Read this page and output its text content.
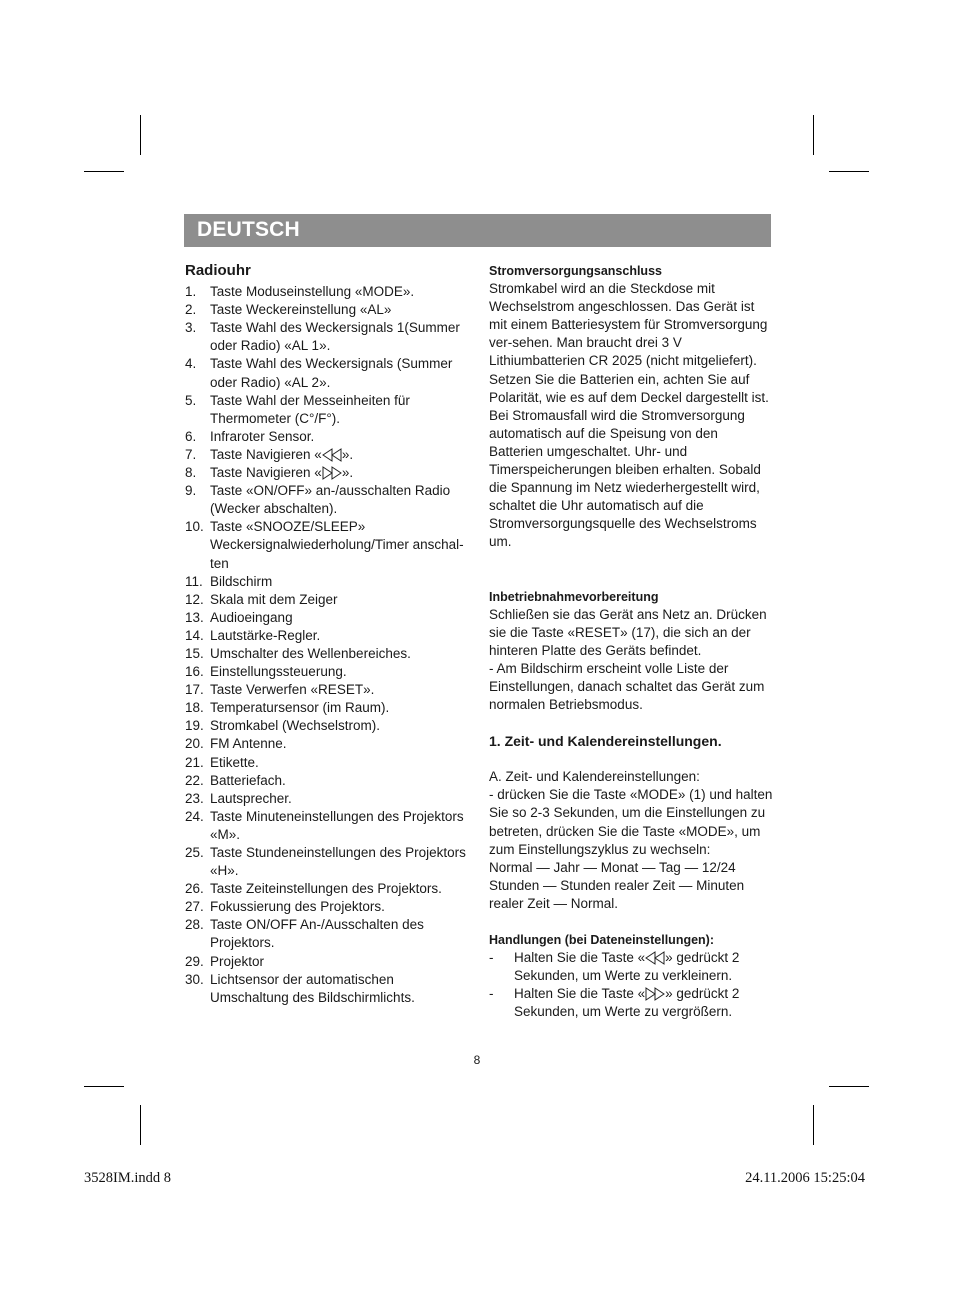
DEUTSCH
Radiouhr
1.	Taste Moduseinstellung «MODE».
2.	Taste Weckereinstellung «AL»
3.	Taste Wahl des Weckersignals 1(Summer oder Radio) «AL 1».
4.	Taste Wahl des Weckersignals (Summer oder Radio) «AL 2».
5.	Taste Wahl der Messeinheiten für Thermometer (C°/F°).
6.	Infraroter Sensor.
7.	Taste Navigieren « ».
8.	Taste Navigieren « ».
9.	Taste «ON/OFF» an-/ausschalten Radio (Wecker abschalten).
10. Taste «SNOOZE/SLEEP» Weckersignalwiederholung/Timer anschal-ten
11. Bildschirm
12. Skala mit dem Zeiger
13. Audioeingang
14. Lautstärke-Regler.
15. Umschalter des Wellenbereiches.
16. Einstellungssteuerung.
17. Taste Verwerfen «RESET».
18. Temperatursensor (im Raum).
19. Stromkabel (Wechselstrom).
20. FM Antenne.
21. Etikette.
22. Batteriefach.
23. Lautsprecher.
24. Taste Minuteneinstellungen des Projektors «M».
25. Taste Stundeneinstellungen des Projektors «H».
26. Taste Zeiteinstellungen des Projektors.
27. Fokussierung des Projektors.
28. Taste ON/OFF An-/Ausschalten des Projektors.
29. Projektor
30. Lichtsensor der automatischen Umschaltung des Bildschirmlichts.
Stromversorgungsanschluss

Stromkabel wird an die Steckdose mit Wechselstrom angeschlossen. Das Gerät ist mit einem Batteriesystem für Stromversorgung ver-sehen. Man braucht drei 3 V Lithiumbatterien CR 2025 (nicht mitgeliefert). Setzen Sie die Batterien ein, achten Sie auf Polarität, wie es auf dem Deckel dargestellt ist. Bei Stromausfall wird die Stromversorgung automatisch auf die Speisung von den Batterien umgeschaltet. Uhr- und Timerspeicherungen bleiben erhalten. Sobald die Spannung im Netz wiederhergestellt wird, schaltet die Uhr automatisch auf die Stromversorgungsquelle des Wechselstroms um.

Inbetriebnahmevorbereitung

Schließen sie das Gerät ans Netz an. Drücken sie die Taste «RESET» (17), die sich an der hinteren Platte des Geräts befindet.

- Am Bildschirm erscheint volle Liste der Einstellungen, danach schaltet das Gerät zum normalen Betriebsmodus.

1. Zeit- und Kalendereinstellungen.

A. Zeit- und Kalendereinstellungen:

- drücken Sie die Taste «MODE» (1) und halten Sie so 2-3 Sekunden, um die Einstellungen zu betreten, drücken Sie die Taste «MODE», um zum Einstellungszyklus zu wechseln:

Normal — Jahr — Monat — Tag — 12/24 Stunden — Stunden realer Zeit — Minuten realer Zeit — Normal.

Handlungen (bei Dateneinstellungen):
-	Halten Sie die Taste « » gedrückt 2 Sekunden, um Werte zu verkleinern.
-	Halten Sie die Taste « » gedrückt 2 Sekunden, um Werte zu vergrößern.
8
3528IM.indd 8	24.11.2006 15:25:04
